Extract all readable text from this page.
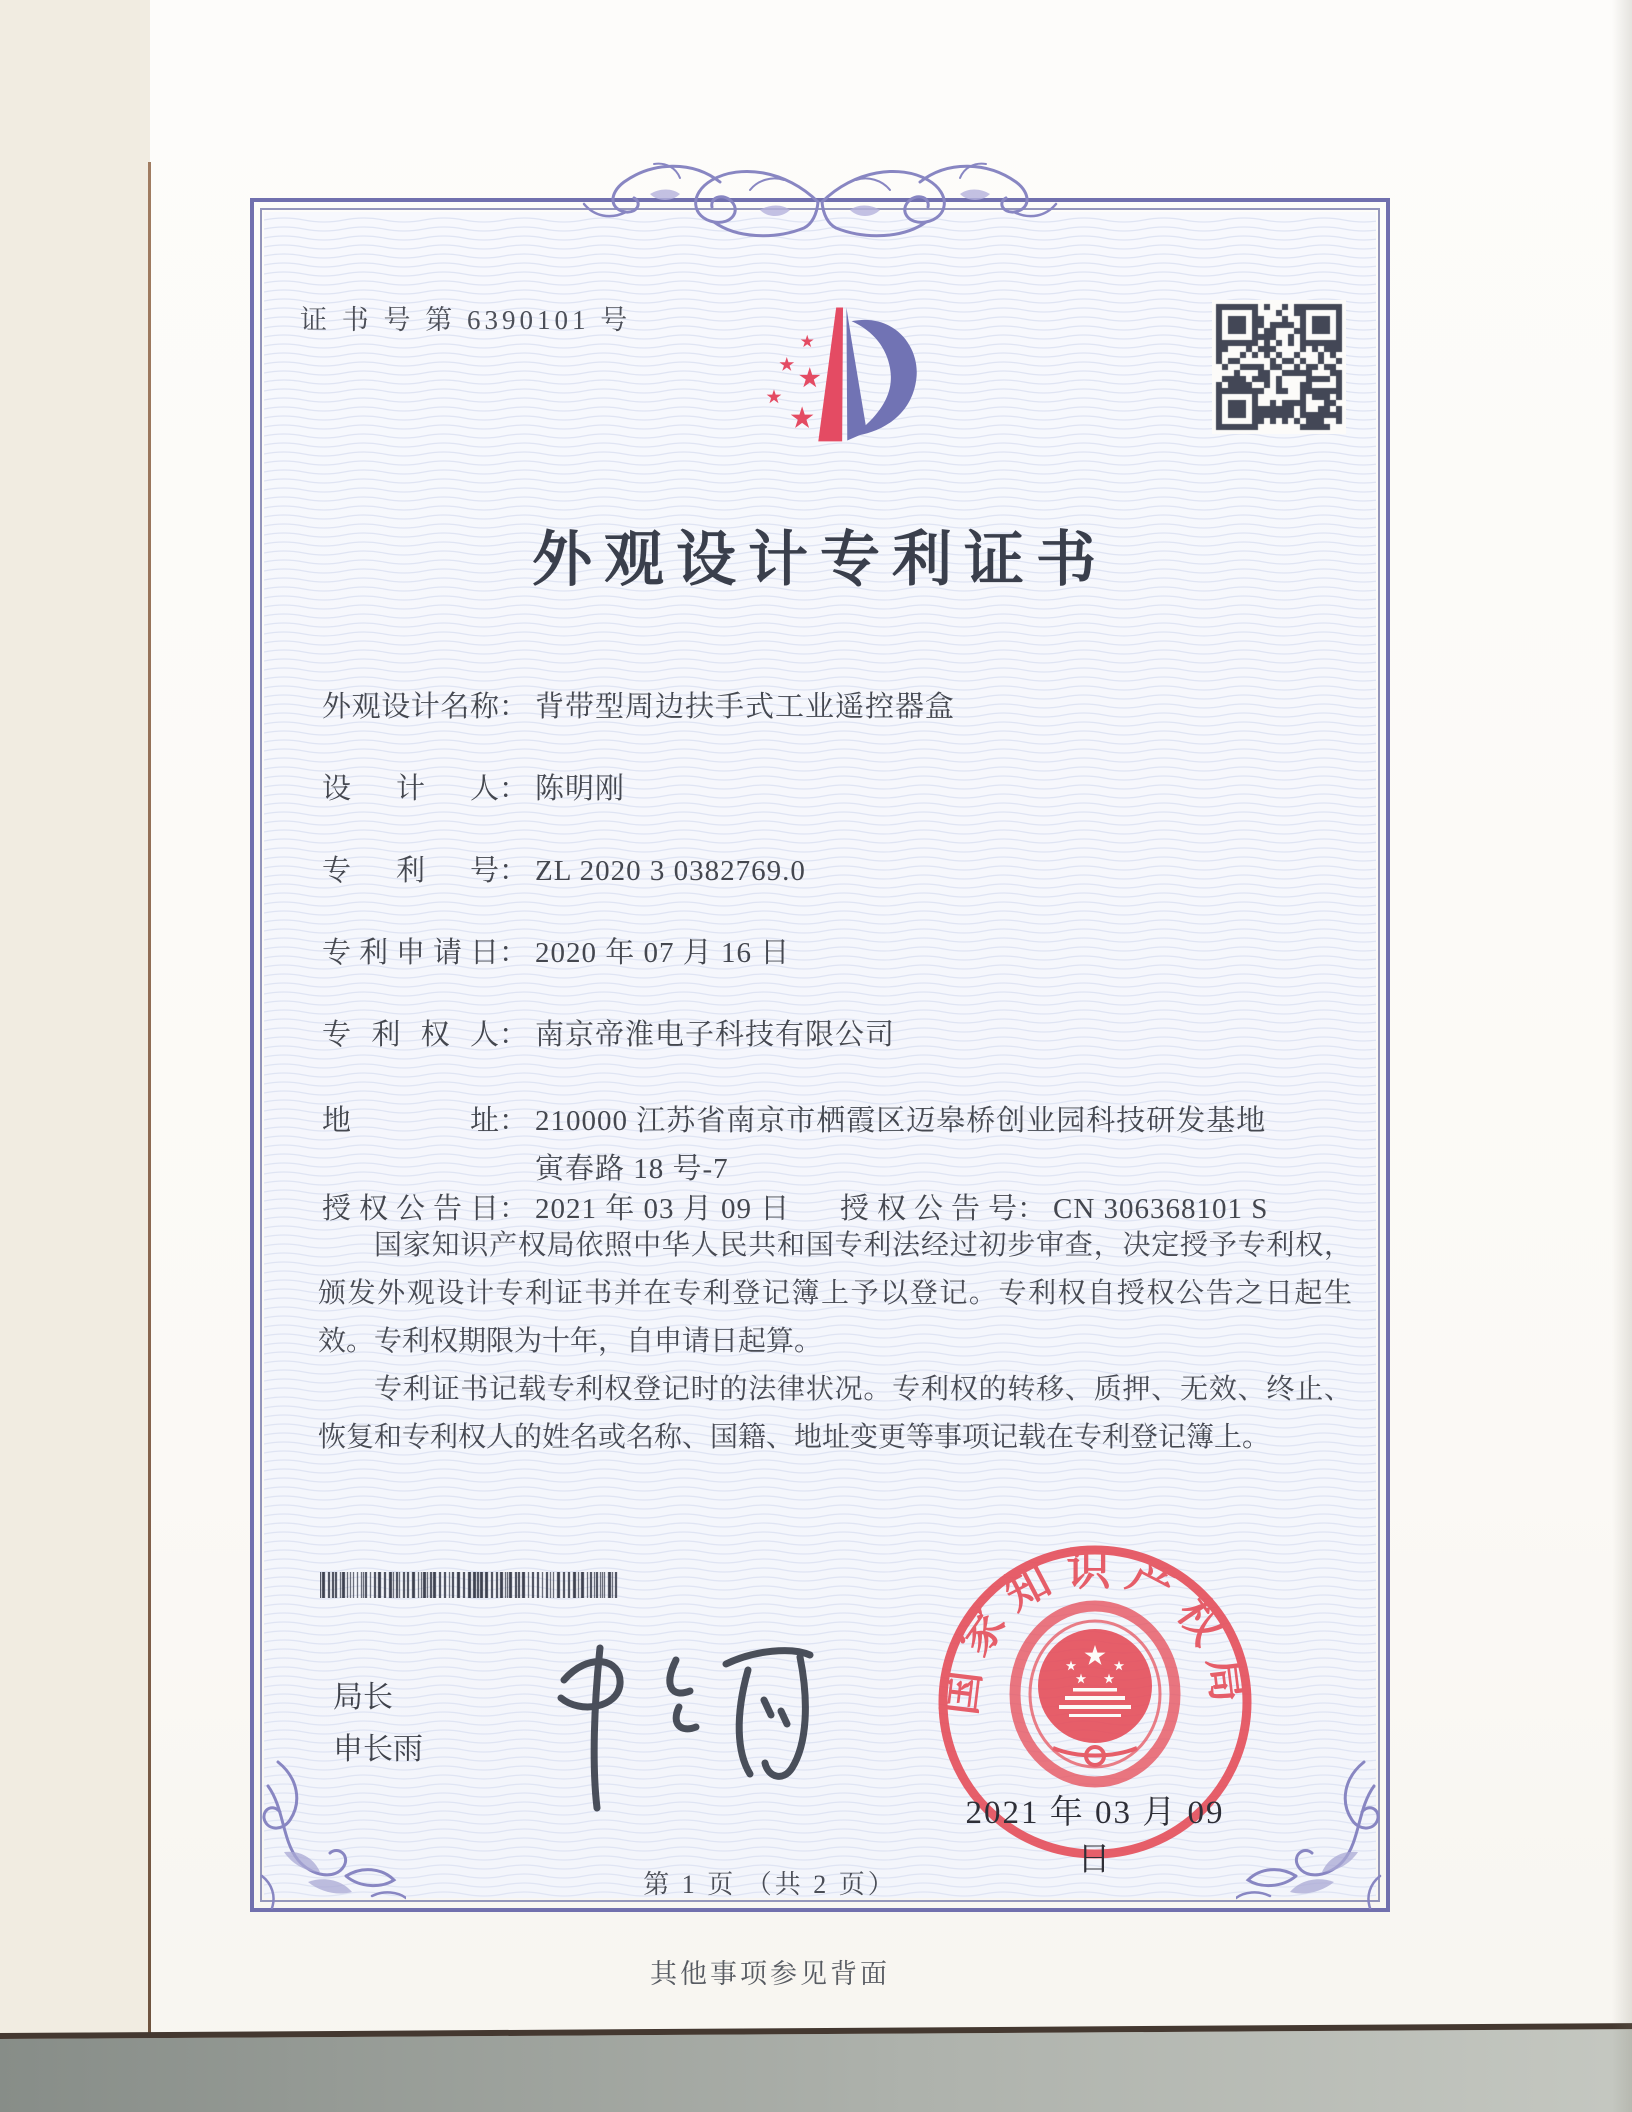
证 书 号 第 6390101 号
外观设计专利证书
外观设计名称： 背带型周边扶手式工业遥控器盒
设计人： 陈明刚
专利号： ZL 2020 3 0382769.0
专利申请日： 2020 年 07 月 16 日
专利权人： 南京帝淮电子科技有限公司
地址： 210000 江苏省南京市栖霞区迈皋桥创业园科技研发基地
寅春路 18 号-7
授权公告日： 2021 年 03 月 09 日 授权公告号： CN 306368101 S

国家知识产权局依照中华人民共和国专利法经过初步审查，决定授予专利权，颁发外观设计专利证书并在专利登记簿上予以登记。专利权自授权公告之日起生效。专利权期限为十年，自申请日起算。

专利证书记载专利权登记时的法律状况。专利权的转移、质押、无效、终止、恢复和专利权人的姓名或名称、国籍、地址变更等事项记载在专利登记簿上。

局长
申长雨
国家知识产权局
2021 年 03 月 09 日
第 1 页 （共 2 页）
其他事项参见背面
